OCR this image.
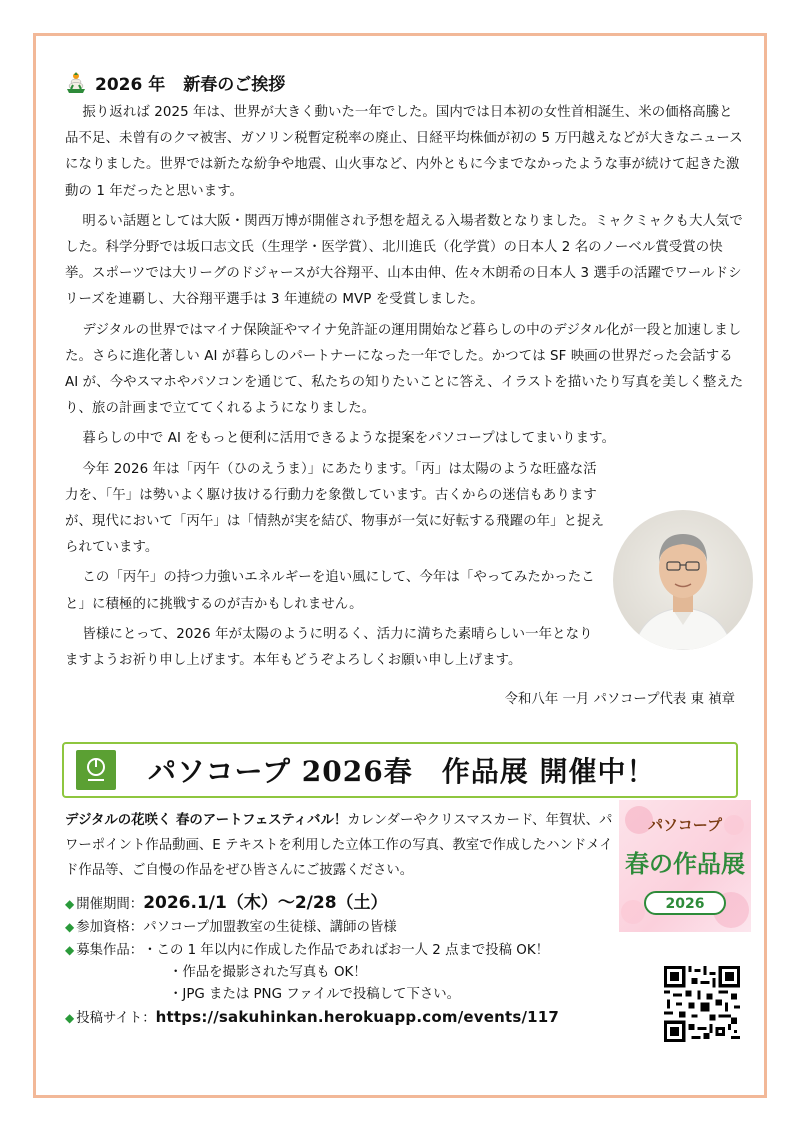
2026 年 新春のご挨拶

振り返れば 2025 年は、世界が大きく動いた一年でした。国内では日本初の女性首相誕生、米の価格高騰と品不足、未曾有のクマ被害、ガソリン税暫定税率の廃止、日経平均株価が初の 5 万円越えなどが大きなニュースになりました。世界では新たな紛争や地震、山火事など、内外ともに今までなかったような事が続けて起きた激動の 1 年だったと思います。

明るい話題としては大阪・関西万博が開催され予想を超える入場者数となりました。ミャクミャクも大人気でした。科学分野では坂口志文氏（生理学・医学賞）、北川進氏（化学賞）の日本人 2 名のノーベル賞受賞の快挙。スポーツでは大リーグのドジャースが大谷翔平、山本由伸、佐々木朗希の日本人 3 選手の活躍でワールドシリーズを連覇し、大谷翔平選手は 3 年連続の MVP を受賞しました。

デジタルの世界ではマイナ保険証やマイナ免許証の運用開始など暮らしの中のデジタル化が一段と加速しました。さらに進化著しい AI が暮らしのパートナーになった一年でした。かつては SF 映画の世界だった会話する AI が、今やスマホやパソコンを通じて、私たちの知りたいことに答え、イラストを描いたり写真を美しく整えたり、旅の計画まで立ててくれるようになりました。

暮らしの中で AI をもっと便利に活用できるような提案をパソコープはしてまいります。

今年 2026 年は「丙午（ひのえうま）」にあたります。「丙」は太陽のような旺盛な活力を、「午」は勢いよく駆け抜ける行動力を象徴しています。古くからの迷信もありますが、現代において「丙午」は「情熱が実を結び、物事が一気に好転する飛躍の年」と捉えられています。

この「丙午」の持つ力強いエネルギーを追い風にして、今年は「やってみたかったこと」に積極的に挑戦するのが吉かもしれません。

皆様にとって、2026 年が太陽のように明るく、活力に満ちた素晴らしい一年となりますようお祈り申し上げます。本年もどうぞよろしくお願い申し上げます。

令和八年 一月 パソコープ代表 東 禎章
パソコープ 2026春　作品展 開催中！
デジタルの花咲く 春のアートフェスティバル！カレンダーやクリスマスカード、年賀状、パワーポイント作品動画、E テキストを利用した立体工作の写真、教室で作成したハンドメイド作品等、ご自慢の作品をぜひ皆さんにご披露ください。
パソコープ
春の作品展
2026
◆ 開催期間： 2026.1/1（木）～2/28（土）
◆ 参加資格： パソコープ加盟教室の生徒様、講師の皆様
◆ 募集作品： ・この 1 年以内に作成した作品であればお一人 2 点まで投稿 OK！
・作品を撮影された写真も OK！
・JPG または PNG ファイルで投稿して下さい。
◆ 投稿サイト： https://sakuhinkan.herokuapp.com/events/117
